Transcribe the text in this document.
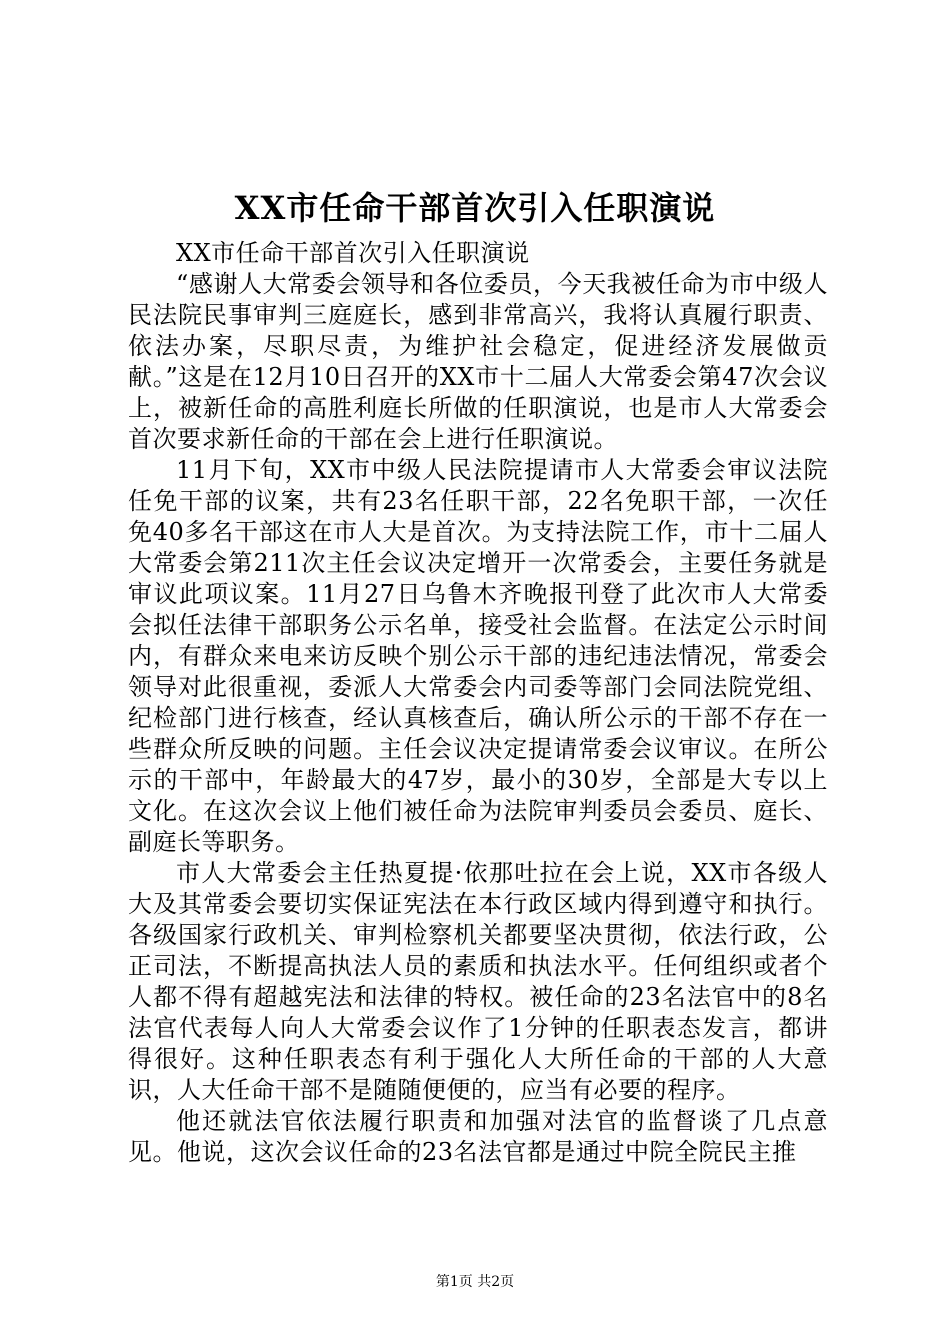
XX市任命干部首次引入任职演说

XX市任命干部首次引入任职演说

“感谢人大常委会领导和各位委员，今天我被任命为市中级人民法院民事审判三庭庭长，感到非常高兴，我将认真履行职责、依法办案，尽职尽责，为维护社会稳定，促进经济发展做贡献。”这是在12月10日召开的XX市十二届人大常委会第47次会议上，被新任命的高胜利庭长所做的任职演说，也是市人大常委会首次要求新任命的干部在会上进行任职演说。

11月下旬，XX市中级人民法院提请市人大常委会审议法院任免干部的议案，共有23名任职干部，22名免职干部，一次任免40多名干部这在市人大是首次。为支持法院工作，市十二届人大常委会第211次主任会议决定增开一次常委会，主要任务就是审议此项议案。11月27日乌鲁木齐晚报刊登了此次市人大常委会拟任法律干部职务公示名单，接受社会监督。在法定公示时间内，有群众来电来访反映个别公示干部的违纪违法情况，常委会领导对此很重视，委派人大常委会内司委等部门会同法院党组、纪检部门进行核查，经认真核查后，确认所公示的干部不存在一些群众所反映的问题。主任会议决定提请常委会议审议。在所公示的干部中，年龄最大的47岁，最小的30岁，全部是大专以上文化。在这次会议上他们被任命为法院审判委员会委员、庭长、副庭长等职务。

市人大常委会主任热夏提·依那吐拉在会上说，XX市各级人大及其常委会要切实保证宪法在本行政区域内得到遵守和执行。各级国家行政机关、审判检察机关都要坚决贯彻，依法行政，公正司法，不断提高执法人员的素质和执法水平。任何组织或者个人都不得有超越宪法和法律的特权。被任命的23名法官中的8名法官代表每人向人大常委会议作了1分钟的任职表态发言，都讲得很好。这种任职表态有利于强化人大所任命的干部的人大意识，人大任命干部不是随随便便的，应当有必要的程序。

他还就法官依法履行职责和加强对法官的监督谈了几点意见。他说，这次会议任命的23名法官都是通过中院全院民主推

第1页 共2页
